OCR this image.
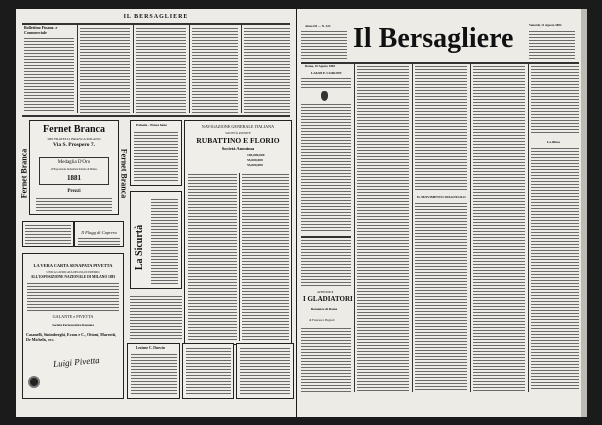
IL BERSAGLIERE
Bollettino Finanz. e Commerciale
Fernet Branca
Fernet Branca
DEI FRATELLI BRANCA MILANO
Via S. Prospero 7.
Medaglia D'Oro
all'Esposizione Industriale Italiana di Milano
1881
Prezzi	Fernet Branca
Pafaola - Pensa bene
La Sicurtà
NAVIGAZIONE GENERALE ITALIANA
SOCIETÀ RIUNITE
RUBATTINO E FLORIO
Società Anonima
100,000,000
55,000,000
55,000,000
Il Flagg di Caprera
LA VERA CARTA SENAPATA PIVETTA
UNICA GIUDICATA DEGNA DI PREMIO
ALL'ESPOSIZIONE NAZIONALE DI MILANO 1881
GALANTE e PIVETTA
Società Farmaceutica Romana
Casanelli, Sinimberghi, Evans e C., Ottoni, Marrotti, De Michelis, ecc.
Luigi Pivetta
Lezione C. Darwin
Anno III — N. 222 Il Bersagliere	Venerdì, 11 Agosto 1882
Roma, 10 Agosto 1882
LAURI E CORONE
APPENDICE
I GLADIATORI
Romanzo di Roma
di Francesco Bagnoli
IL MOVIMENTO SPAGNUOLO
La difesa
